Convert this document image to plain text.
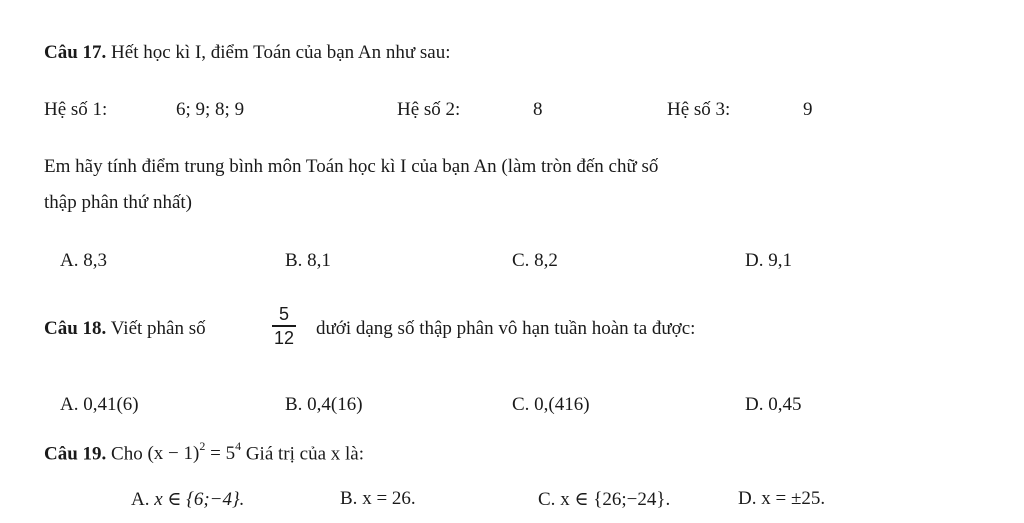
Câu 17. Hết học kì I, điểm Toán của bạn An như sau:
Hệ số 1:	6; 9; 8; 9	Hệ số 2:	8	Hệ số 3:	9
Em hãy tính điểm trung bình môn Toán học kì I của bạn An (làm tròn đến chữ số
thập phân thứ nhất)
A. 8,3	B. 8,1	C. 8,2	D. 9,1
Câu 18. Viết phân số
5
12 dưới dạng số thập phân vô hạn tuần hoàn ta được:
A. 0,41(6)	B. 0,4(16)	C. 0,(416)	D. 0,45
Câu 19. Cho $(x - 1)^2 = 5^4$ Giá trị của x là:
A. x ∈ {6;−4}.	B. x = 26.	C. x ∈ {26;−24}.	D. x = ±25.
